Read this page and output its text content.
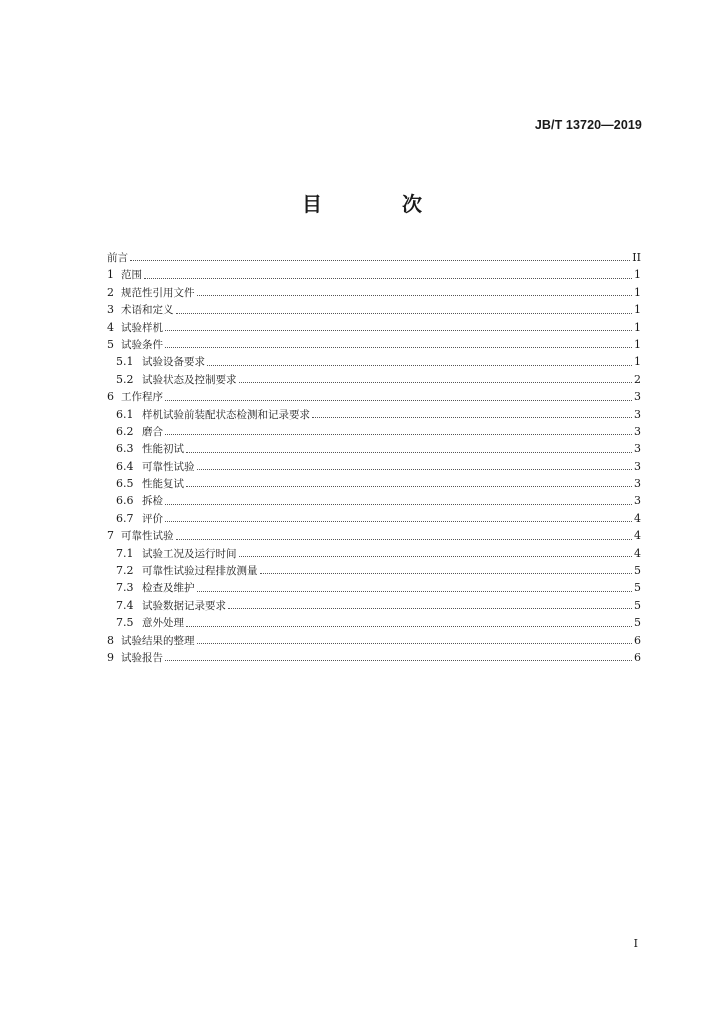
JB/T 13720—2019
目　次
前言	II
1 范围	1
2 规范性引用文件	1
3 术语和定义	1
4 试验样机	1
5 试验条件	1
5.1 试验设备要求	1
5.2 试验状态及控制要求	2
6 工作程序	3
6.1 样机试验前装配状态检测和记录要求	3
6.2 磨合	3
6.3 性能初试	3
6.4 可靠性试验	3
6.5 性能复试	3
6.6 拆检	3
6.7 评价	4
7 可靠性试验	4
7.1 试验工况及运行时间	4
7.2 可靠性试验过程排放测量	5
7.3 检查及维护	5
7.4 试验数据记录要求	5
7.5 意外处理	5
8 试验结果的整理	6
9 试验报告	6
I
